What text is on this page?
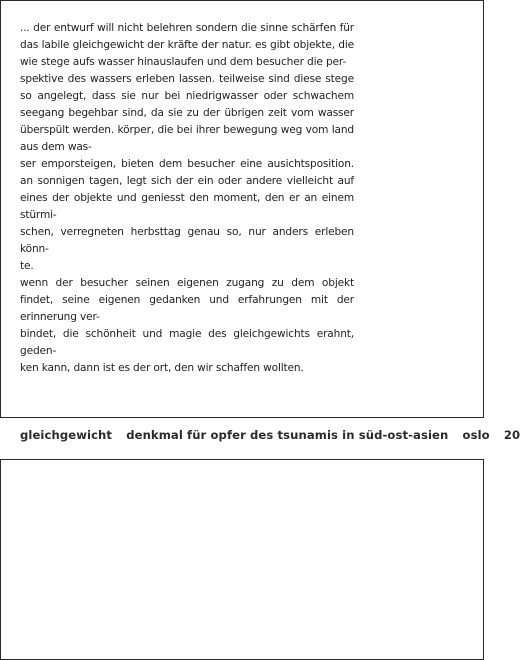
... der entwurf will nicht belehren sondern die sinne schärfen für das labile gleichgewicht der kräfte der natur. es gibt objekte, die wie stege aufs wasser hinauslaufen und dem besucher die per-
spektive des wassers erleben lassen. teilweise sind diese stege so angelegt, dass sie nur bei niedrigwasser oder schwachem seegang begehbar sind, da sie zu der übrigen zeit vom wasser überspült werden. körper, die bei ihrer bewegung weg vom land aus dem was-
ser emporsteigen, bieten dem besucher eine ausichtsposition. an sonnigen tagen, legt sich der ein oder andere vielleicht auf eines der objekte und geniesst den moment, den er an einem stürmi-
schen, verregneten herbsttag genau so, nur anders erleben könn-
te.

wenn der besucher seinen eigenen zugang zu dem objekt findet, seine eigenen gedanken und erfahrungen mit der erinnerung ver-
bindet, die schönheit und magie des gleichgewichts erahnt, geden-
ken kann, dann ist es der ort, den wir schaffen wollten.

gleichgewicht denkmal für opfer des tsunamis in süd-ost-asien oslo 20
